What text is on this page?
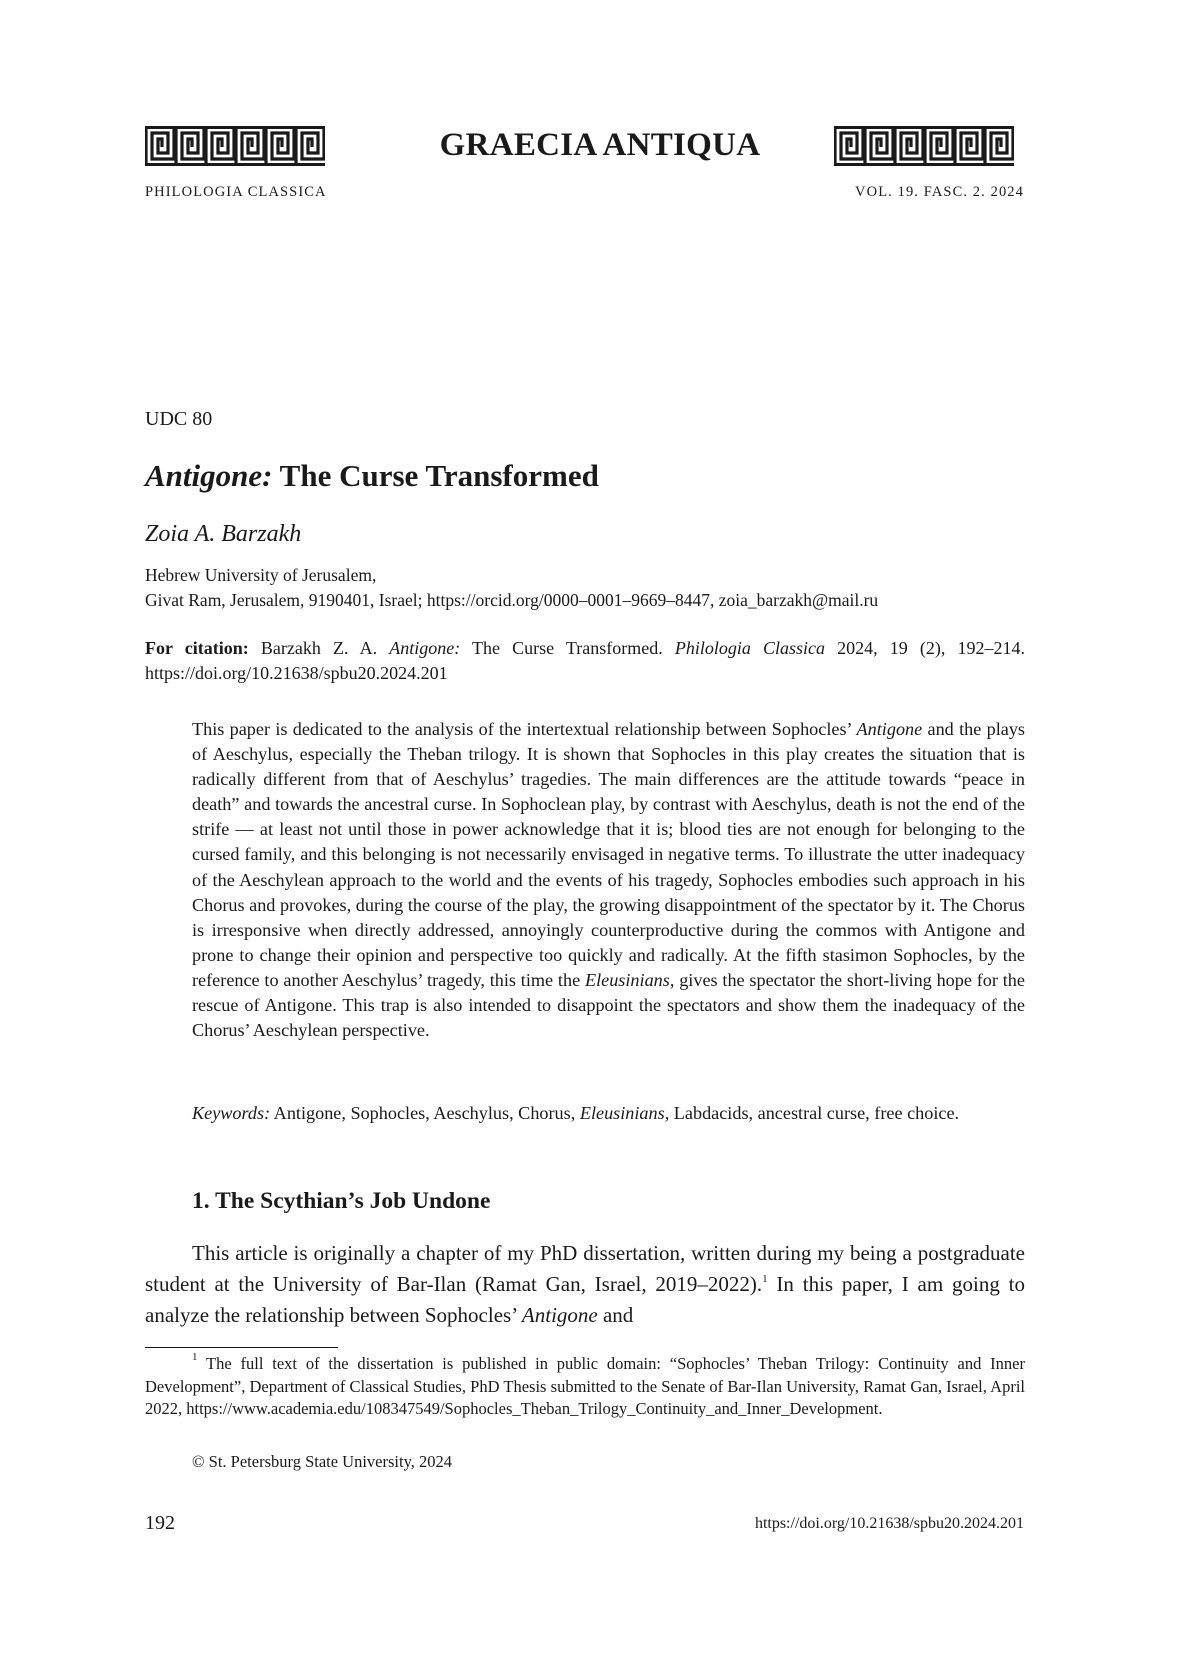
GRAECIA ANTIQUA
PHILOLOGIA CLASSICA	VOL. 19. FASC. 2. 2024
UDC 80
Antigone: The Curse Transformed
Zoia A. Barzakh
Hebrew University of Jerusalem,
Givat Ram, Jerusalem, 9190401, Israel; https://orcid.org/0000–0001–9669–8447, zoia_barzakh@mail.ru
For citation: Barzakh Z. A. Antigone: The Curse Transformed. Philologia Classica 2024, 19 (2), 192–214. https://doi.org/10.21638/spbu20.2024.201

This paper is dedicated to the analysis of the intertextual relationship between Sophocles’ Antigone and the plays of Aeschylus, especially the Theban trilogy. It is shown that Sophocles in this play creates the situation that is radically different from that of Aeschylus’ tragedies. The main differences are the attitude towards “peace in death” and towards the ancestral curse. In Sophoclean play, by contrast with Aeschylus, death is not the end of the strife — at least not until those in power acknowledge that it is; blood ties are not enough for belonging to the cursed family, and this belonging is not necessarily envisaged in negative terms. To illustrate the utter inadequacy of the Aeschylean approach to the world and the events of his tragedy, Sophocles embodies such approach in his Chorus and provokes, during the course of the play, the growing disappointment of the spectator by it. The Chorus is irresponsive when directly addressed, annoyingly counterproductive during the commos with Antigone and prone to change their opinion and perspective too quickly and radically. At the fifth stasimon Sophocles, by the reference to another Aeschylus’ tragedy, this time the Eleusinians, gives the spectator the short-living hope for the rescue of Antigone. This trap is also intended to disappoint the spectators and show them the inadequacy of the Chorus’ Aeschylean perspective.

Keywords: Antigone, Sophocles, Aeschylus, Chorus, Eleusinians, Labdacids, ancestral curse, free choice.

1. The Scythian’s Job Undone

This article is originally a chapter of my PhD dissertation, written during my being a postgraduate student at the University of Bar-Ilan (Ramat Gan, Israel, 2019–2022).$^1$ In this paper, I am going to analyze the relationship between Sophocles’ Antigone and

$^1$ The full text of the dissertation is published in public domain: “Sophocles’ Theban Trilogy: Continuity and Inner Development”, Department of Classical Studies, PhD Thesis submitted to the Senate of Bar-Ilan University, Ramat Gan, Israel, April 2022, https://www.academia.edu/108347549/Sophocles_Theban_Trilogy_Continuity_and_Inner_Development.

© St. Petersburg State University, 2024
192	https://doi.org/10.21638/spbu20.2024.201
